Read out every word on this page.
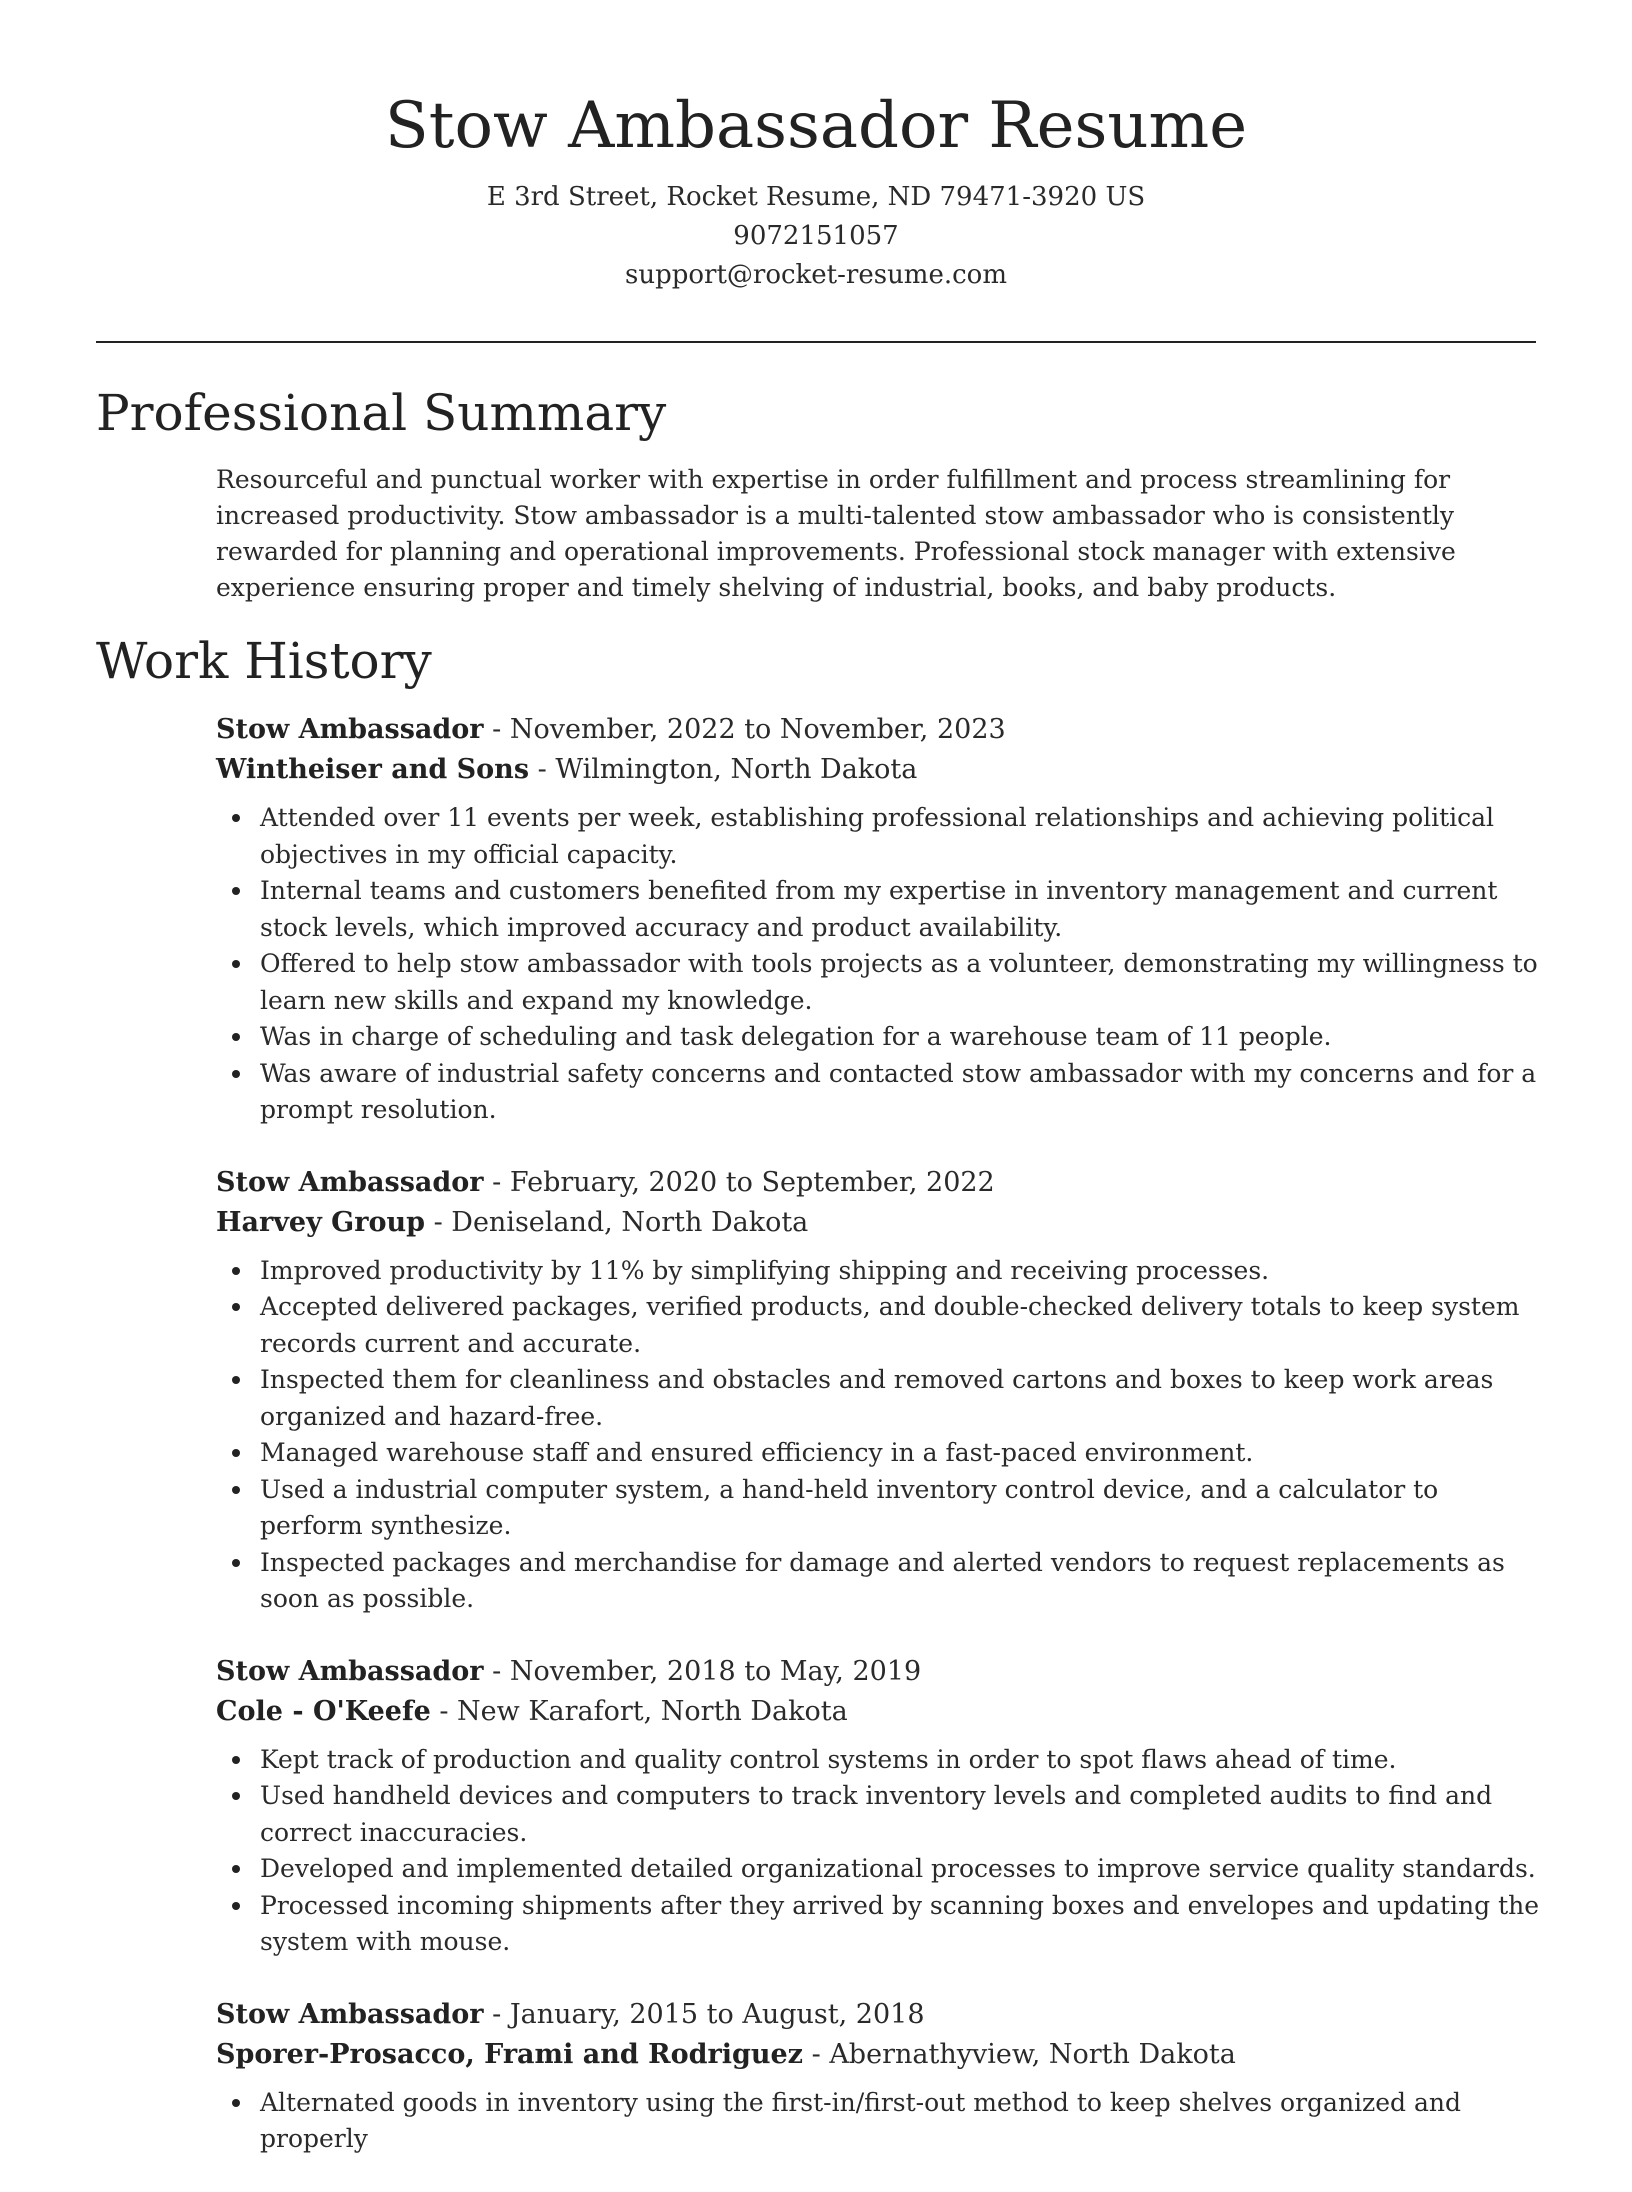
Stow Ambassador Resume
E 3rd Street, Rocket Resume, ND 79471-3920 US
9072151057
support@rocket-resume.com
Professional Summary

Resourceful and punctual worker with expertise in order fulfillment and process streamlining for increased productivity. Stow ambassador is a multi-talented stow ambassador who is consistently rewarded for planning and operational improvements. Professional stock manager with extensive experience ensuring proper and timely shelving of industrial, books, and baby products.

Work History
Stow Ambassador - November, 2022 to November, 2023
Wintheiser and Sons - Wilmington, North Dakota
Attended over 11 events per week, establishing professional relationships and achieving political objectives in my official capacity.
Internal teams and customers benefited from my expertise in inventory management and current stock levels, which improved accuracy and product availability.
Offered to help stow ambassador with tools projects as a volunteer, demonstrating my willingness to learn new skills and expand my knowledge.
Was in charge of scheduling and task delegation for a warehouse team of 11 people.
Was aware of industrial safety concerns and contacted stow ambassador with my concerns and for a prompt resolution.
Stow Ambassador - February, 2020 to September, 2022
Harvey Group - Deniseland, North Dakota
Improved productivity by 11% by simplifying shipping and receiving processes.
Accepted delivered packages, verified products, and double-checked delivery totals to keep system records current and accurate.
Inspected them for cleanliness and obstacles and removed cartons and boxes to keep work areas organized and hazard-free.
Managed warehouse staff and ensured efficiency in a fast-paced environment.
Used a industrial computer system, a hand-held inventory control device, and a calculator to perform synthesize.
Inspected packages and merchandise for damage and alerted vendors to request replacements as soon as possible.
Stow Ambassador - November, 2018 to May, 2019
Cole - O'Keefe - New Karafort, North Dakota
Kept track of production and quality control systems in order to spot flaws ahead of time.
Used handheld devices and computers to track inventory levels and completed audits to find and correct inaccuracies.
Developed and implemented detailed organizational processes to improve service quality standards.
Processed incoming shipments after they arrived by scanning boxes and envelopes and updating the system with mouse.
Stow Ambassador - January, 2015 to August, 2018
Sporer-Prosacco, Frami and Rodriguez - Abernathyview, North Dakota
Alternated goods in inventory using the first-in/first-out method to keep shelves organized and properly
